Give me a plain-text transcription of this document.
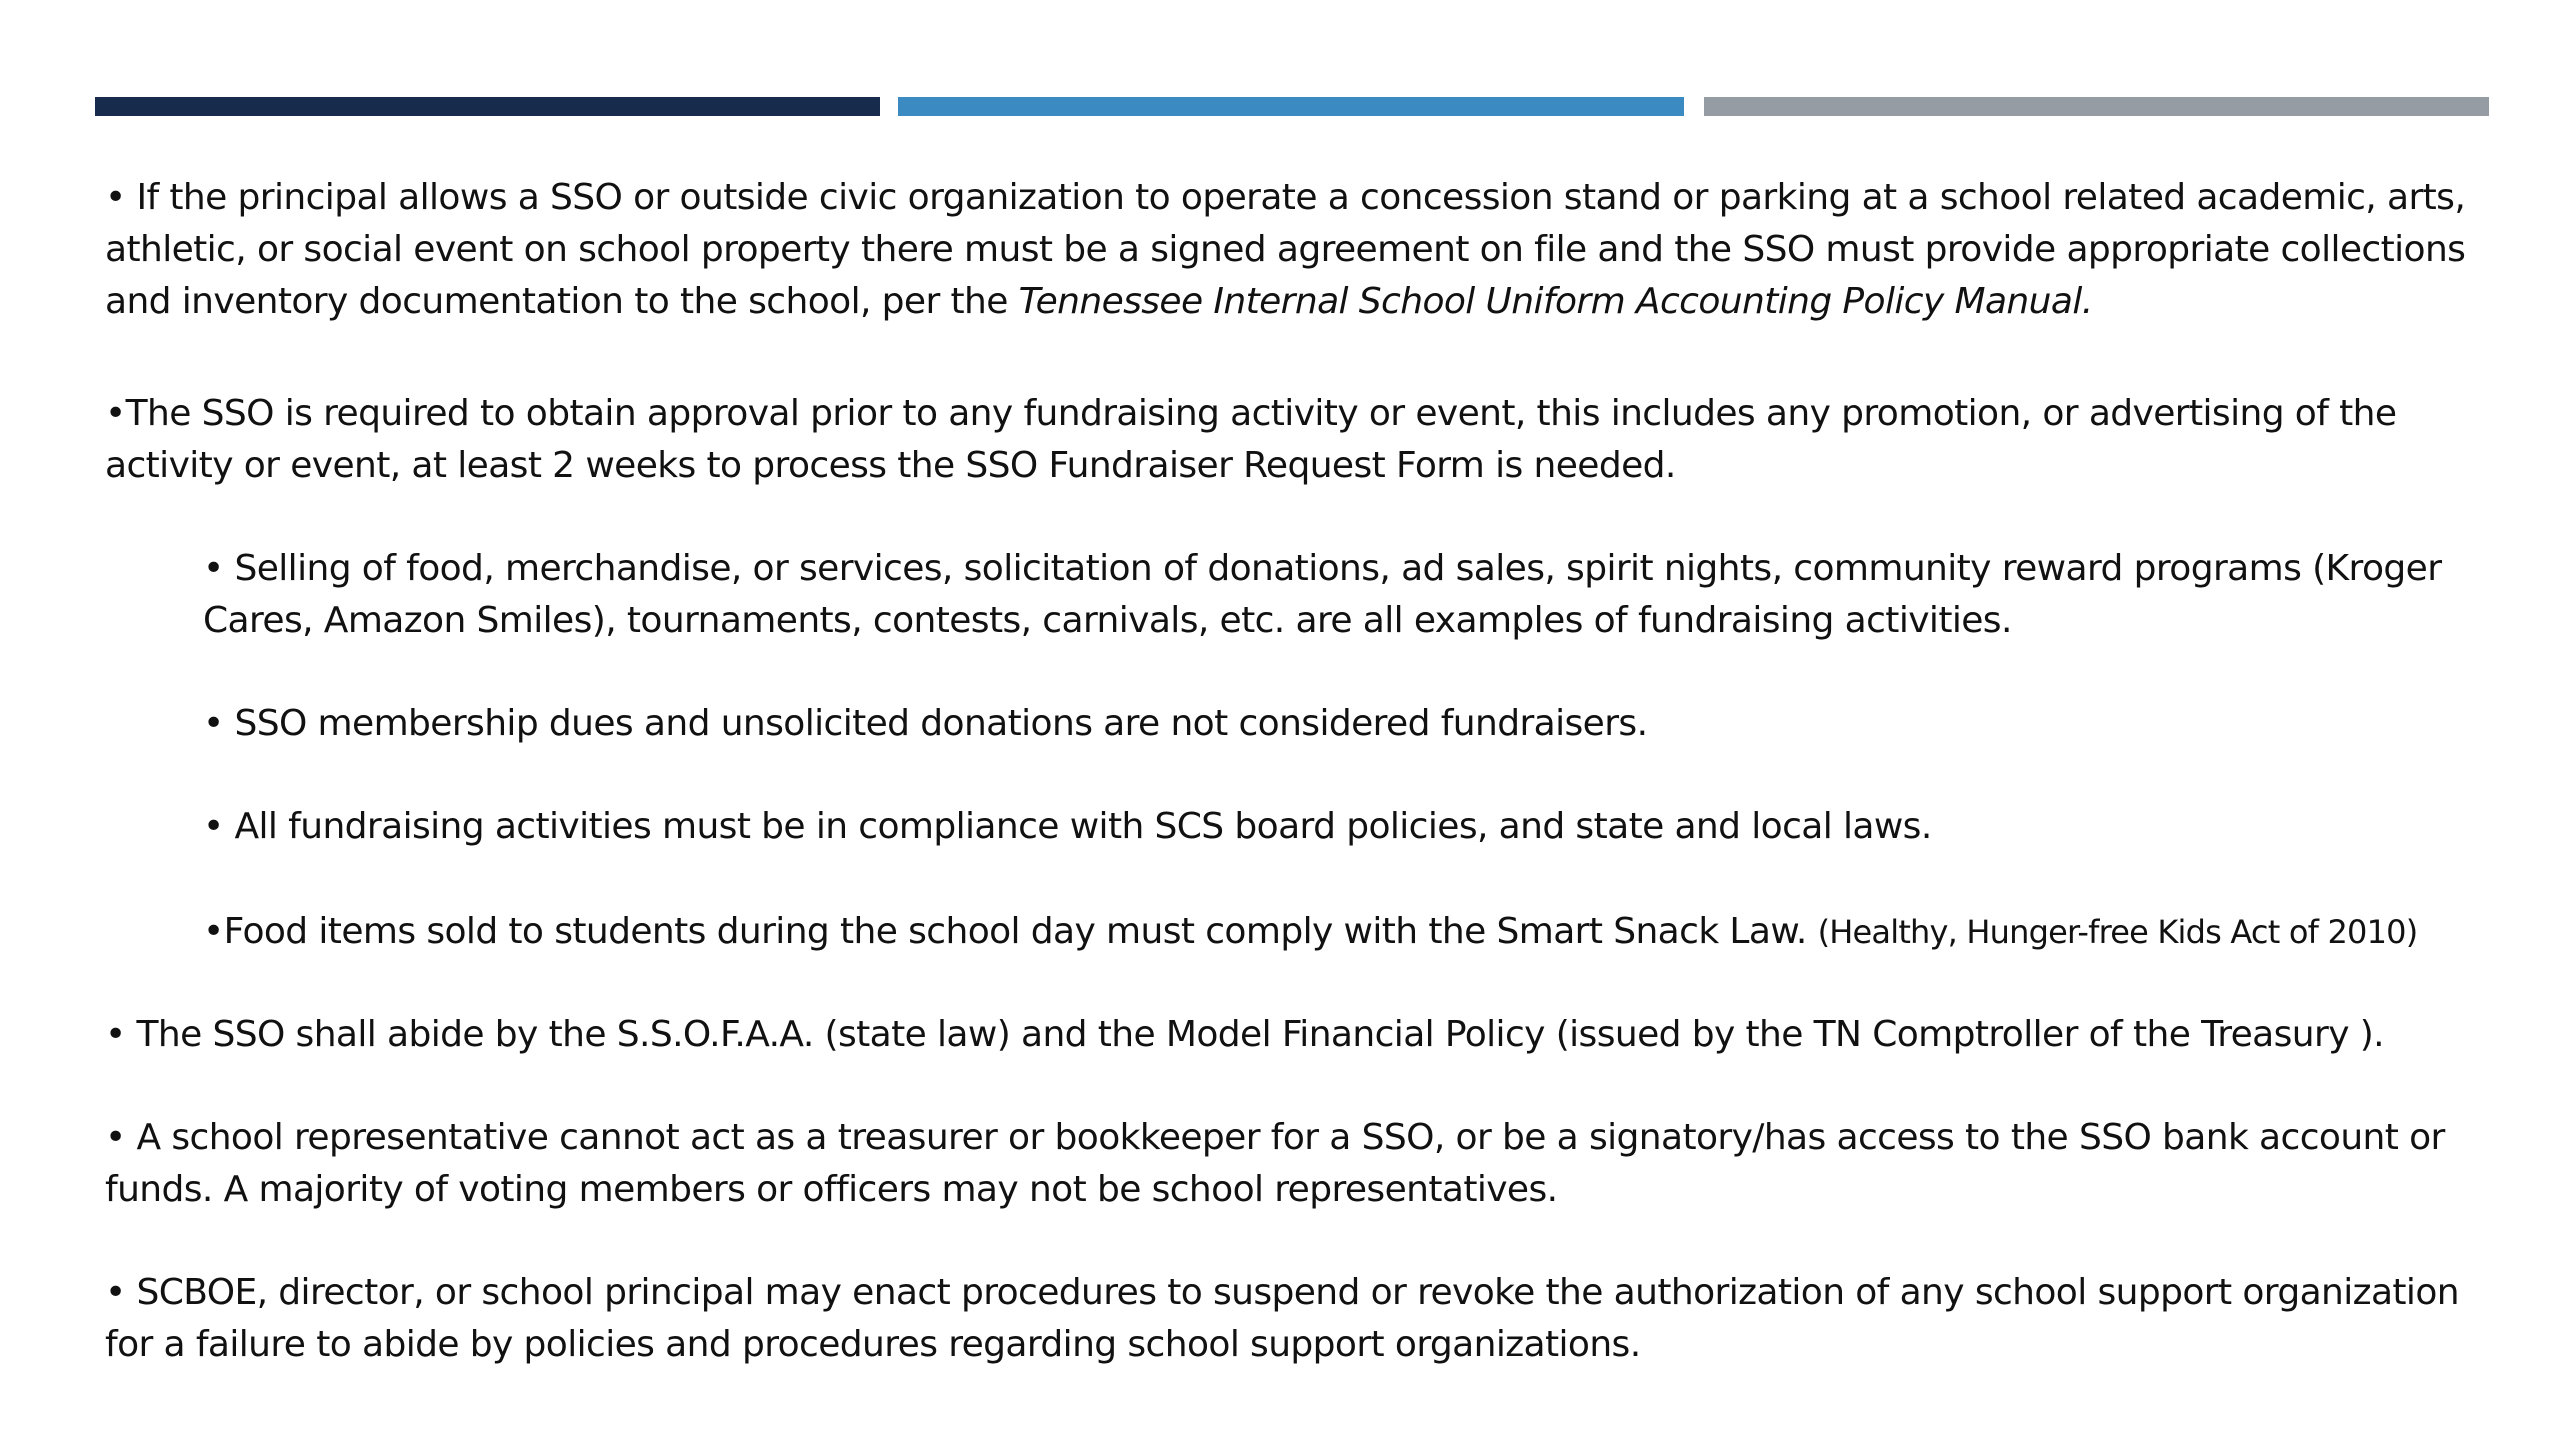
• If the principal allows a SSO or outside civic organization to operate a concession stand or parking at a school related academic, arts,
athletic, or social event on school property there must be a signed agreement on file and the SSO must provide appropriate collections
and inventory documentation to the school, per the Tennessee Internal School Uniform Accounting Policy Manual.
•The SSO is required to obtain approval prior to any fundraising activity or event, this includes any promotion, or advertising of the
activity or event, at least 2 weeks to process the SSO Fundraiser Request Form is needed.
• Selling of food, merchandise, or services, solicitation of donations, ad sales, spirit nights, community reward programs (Kroger
Cares, Amazon Smiles), tournaments, contests, carnivals, etc. are all examples of fundraising activities.
• SSO membership dues and unsolicited donations are not considered fundraisers.
• All fundraising activities must be in compliance with SCS board policies, and state and local laws.
•Food items sold to students during the school day must comply with the Smart Snack Law. (Healthy, Hunger-free Kids Act of 2010)
• The SSO shall abide by the S.S.O.F.A.A. (state law) and the Model Financial Policy (issued by the TN Comptroller of the Treasury ).
• A school representative cannot act as a treasurer or bookkeeper for a SSO, or be a signatory/has access to the SSO bank account or
funds. A majority of voting members or officers may not be school representatives.
• SCBOE, director, or school principal may enact procedures to suspend or revoke the authorization of any school support organization
for a failure to abide by policies and procedures regarding school support organizations.
